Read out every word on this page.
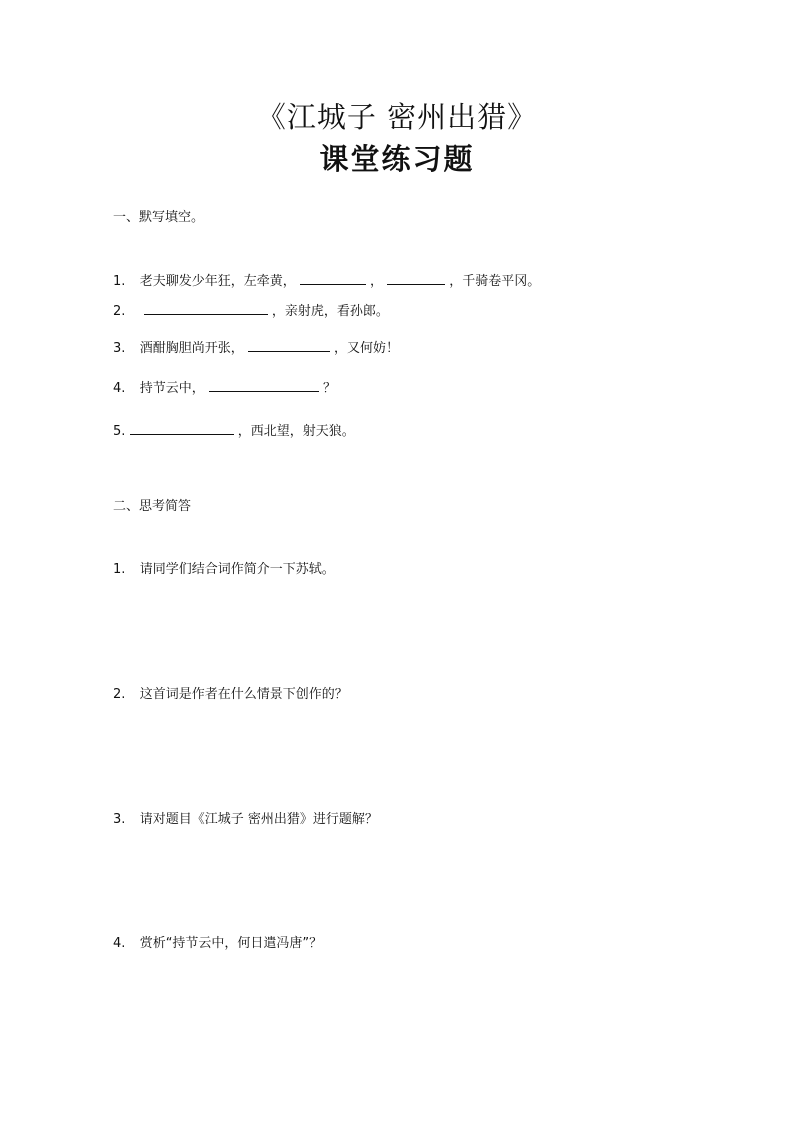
《江城子 密州出猎》
课堂练习题
一、默写填空。
1. 老夫聊发少年狂，左牵黄，	，	，千骑卷平冈。
2.	，亲射虎，看孙郎。
3. 酒酣胸胆尚开张，	，又何妨！
4. 持节云中，	？
5.	，西北望，射天狼。
二、思考简答
1. 请同学们结合词作简介一下苏轼。
2. 这首词是作者在什么情景下创作的？
3. 请对题目《江城子 密州出猎》进行题解？
4. 赏析“持节云中，何日遣冯唐”？
